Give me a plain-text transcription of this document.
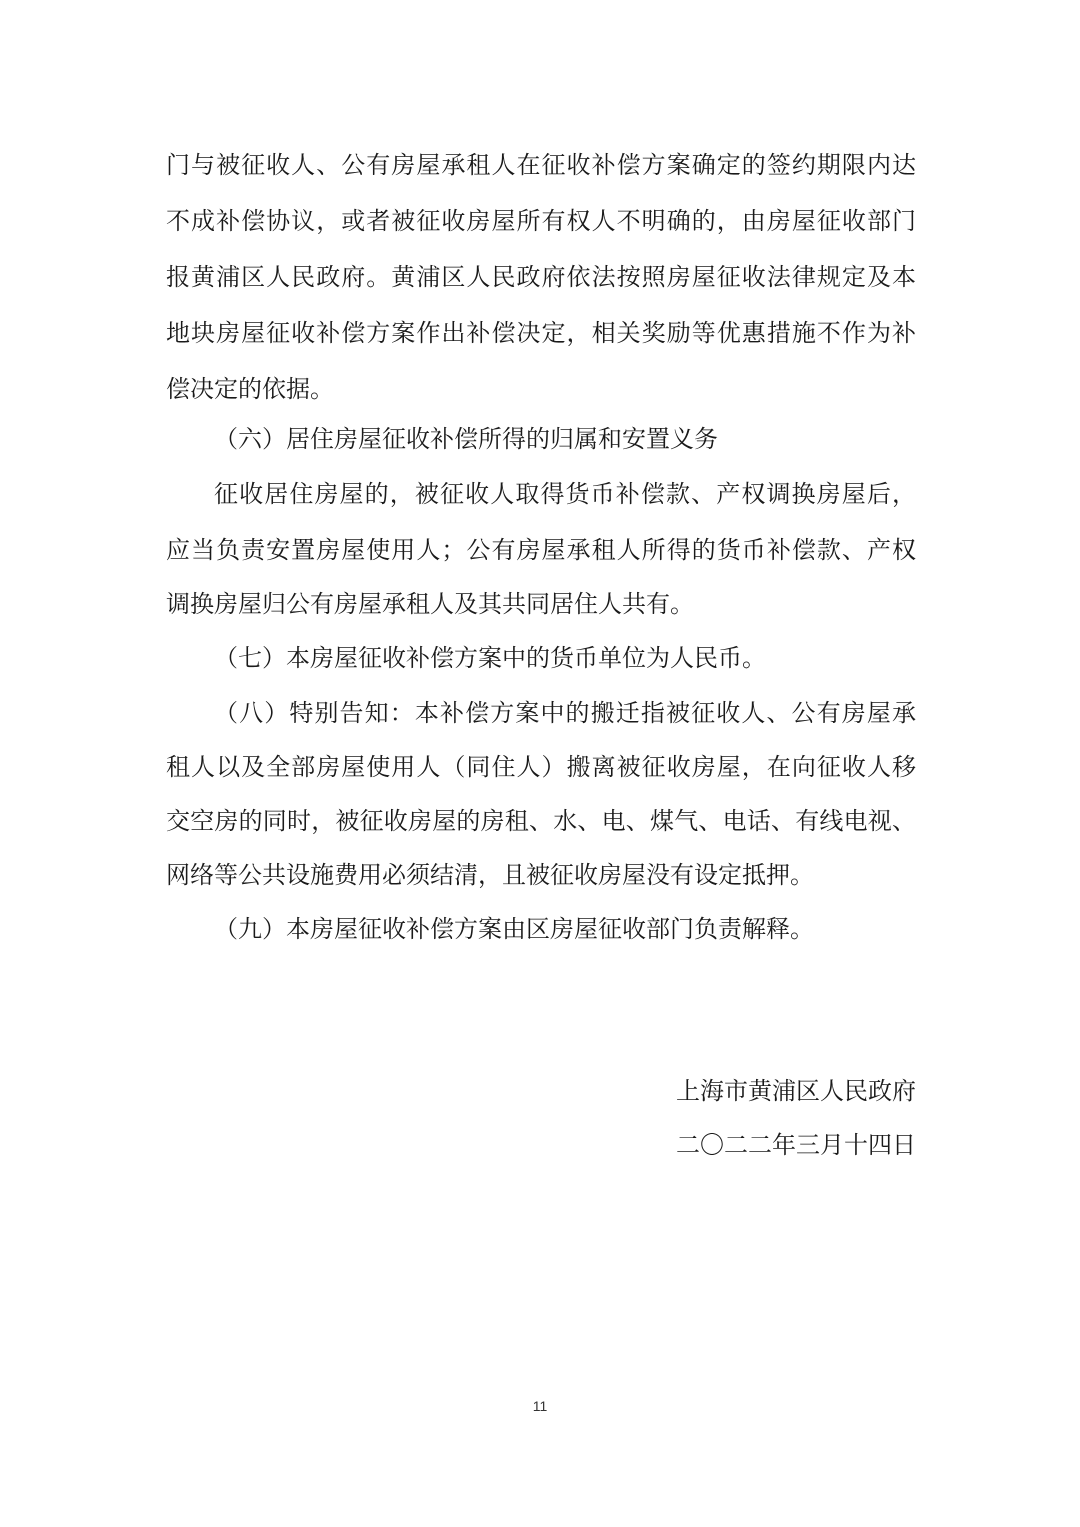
门与被征收人、公有房屋承租人在征收补偿方案确定的签约期限内达
不成补偿协议，或者被征收房屋所有权人不明确的，由房屋征收部门
报黄浦区人民政府。黄浦区人民政府依法按照房屋征收法律规定及本
地块房屋征收补偿方案作出补偿决定，相关奖励等优惠措施不作为补
偿决定的依据。
（六）居住房屋征收补偿所得的归属和安置义务
征收居住房屋的，被征收人取得货币补偿款、产权调换房屋后，
应当负责安置房屋使用人；公有房屋承租人所得的货币补偿款、产权
调换房屋归公有房屋承租人及其共同居住人共有。
（七）本房屋征收补偿方案中的货币单位为人民币。
（八）特别告知：本补偿方案中的搬迁指被征收人、公有房屋承
租人以及全部房屋使用人（同住人）搬离被征收房屋，在向征收人移
交空房的同时，被征收房屋的房租、水、电、煤气、电话、有线电视、
网络等公共设施费用必须结清，且被征收房屋没有设定抵押。
（九）本房屋征收补偿方案由区房屋征收部门负责解释。
上海市黄浦区人民政府
二〇二二年三月十四日
11
